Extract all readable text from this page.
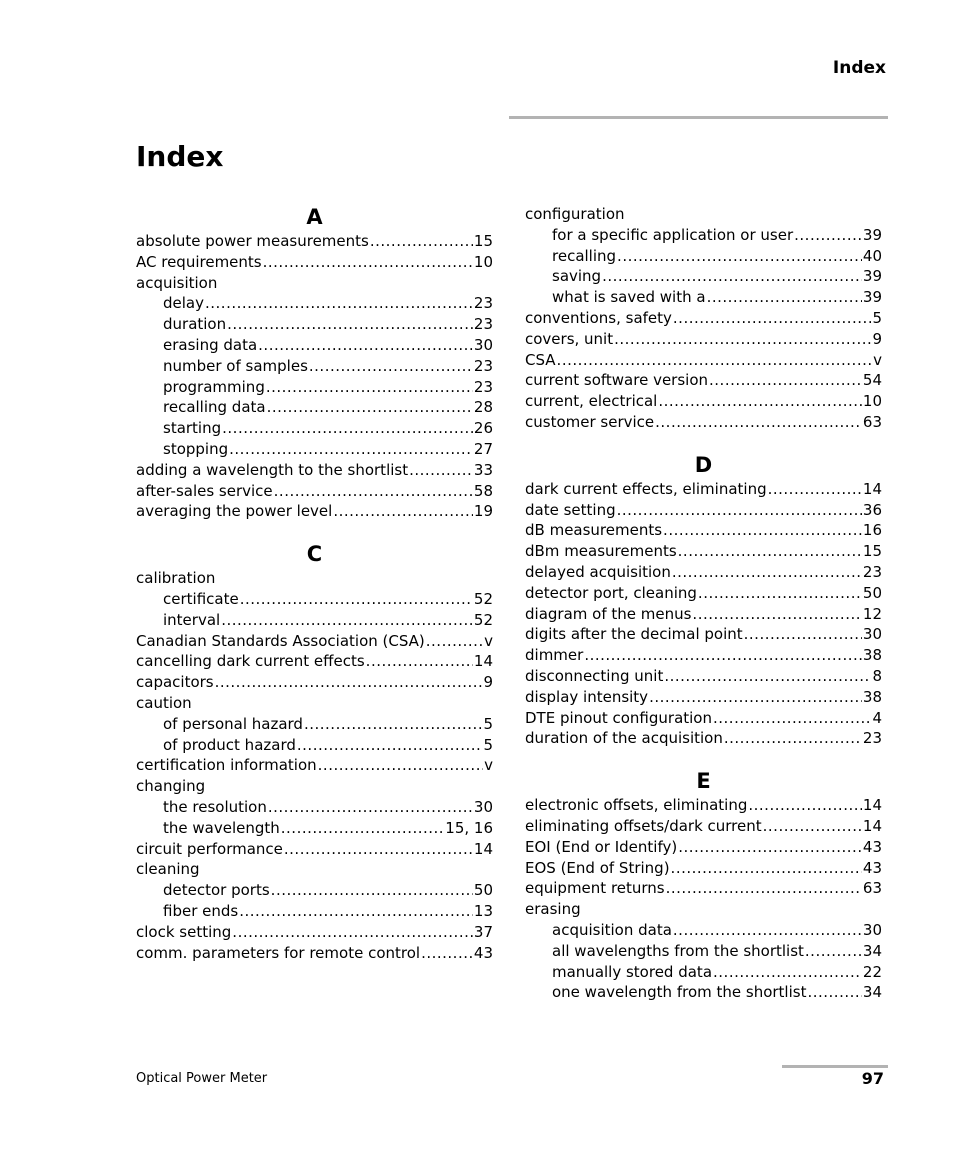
Index
Index
A
absolute power measurements .....	15
AC requirements .....	10
acquisition
delay .....	23
duration .....	23
erasing data .....	30
number of samples .....	23
programming .....	23
recalling data .....	28
starting .....	26
stopping .....	27
adding a wavelength to the shortlist .....	33
after-sales service .....	58
averaging the power level .....	19
C
calibration
certificate .....	52
interval .....	52
Canadian Standards Association (CSA) .....	v
cancelling dark current effects .....	14
capacitors .....	9
caution
of personal hazard .....	5
of product hazard .....	5
certification information .....	v
changing
the resolution .....	30
the wavelength .....	15, 16
circuit performance .....	14
cleaning
detector ports .....	50
fiber ends .....	13
clock setting .....	37
comm. parameters for remote control .....	43
configuration
for a specific application or user .....	39
recalling .....	40
saving .....	39
what is saved with a .....	39
conventions, safety .....	5
covers, unit .....	9
CSA .....	v
current software version .....	54
current, electrical .....	10
customer service .....	63
D
dark current effects, eliminating .....	14
date setting .....	36
dB measurements .....	16
dBm measurements .....	15
delayed acquisition .....	23
detector port, cleaning .....	50
diagram of the menus .....	12
digits after the decimal point .....	30
dimmer .....	38
disconnecting unit .....	8
display intensity .....	38
DTE pinout configuration .....	4
duration of the acquisition .....	23
E
electronic offsets, eliminating .....	14
eliminating offsets/dark current .....	14
EOI (End or Identify) .....	43
EOS (End of String) .....	43
equipment returns .....	63
erasing
acquisition data .....	30
all wavelengths from the shortlist .....	34
manually stored data .....	22
one wavelength from the shortlist .....	34
Optical Power Meter	97
